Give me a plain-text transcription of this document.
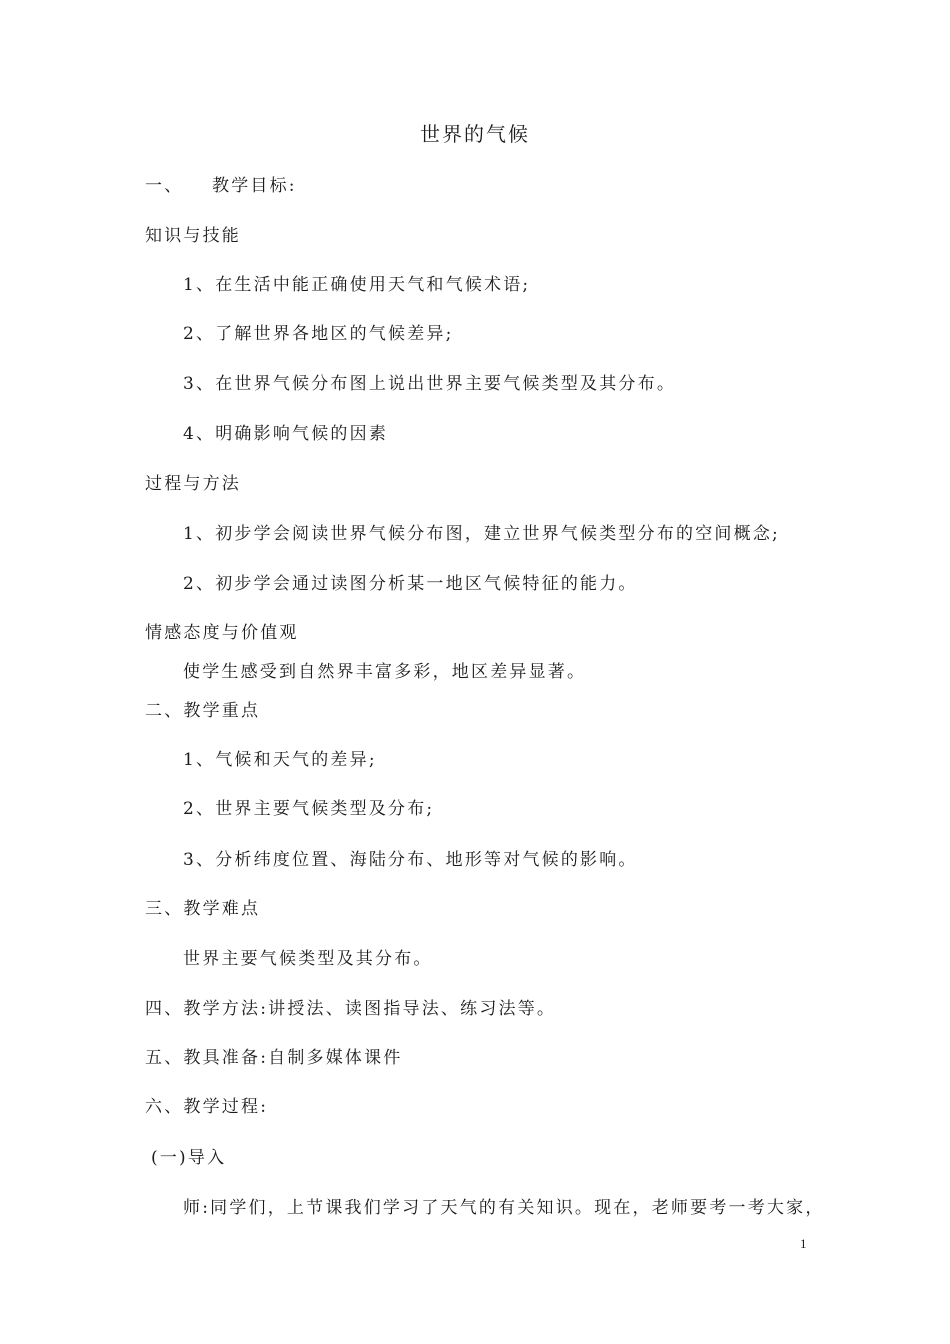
世界的气候
一、 教学目标:
知识与技能
1、在生活中能正确使用天气和气候术语;
2、了解世界各地区的气候差异;
3、在世界气候分布图上说出世界主要气候类型及其分布。
4、明确影响气候的因素
过程与方法
1、初步学会阅读世界气候分布图，建立世界气候类型分布的空间概念;
2、初步学会通过读图分析某一地区气候特征的能力。
情感态度与价值观
使学生感受到自然界丰富多彩，地区差异显著。
二、教学重点
1、气候和天气的差异;
2、世界主要气候类型及分布;
3、分析纬度位置、海陆分布、地形等对气候的影响。
三、教学难点
世界主要气候类型及其分布。
四、教学方法:讲授法、读图指导法、练习法等。
五、教具准备:自制多媒体课件
六、教学过程:
(一)导入
师:同学们，上节课我们学习了天气的有关知识。现在，老师要考一考大家，
1
